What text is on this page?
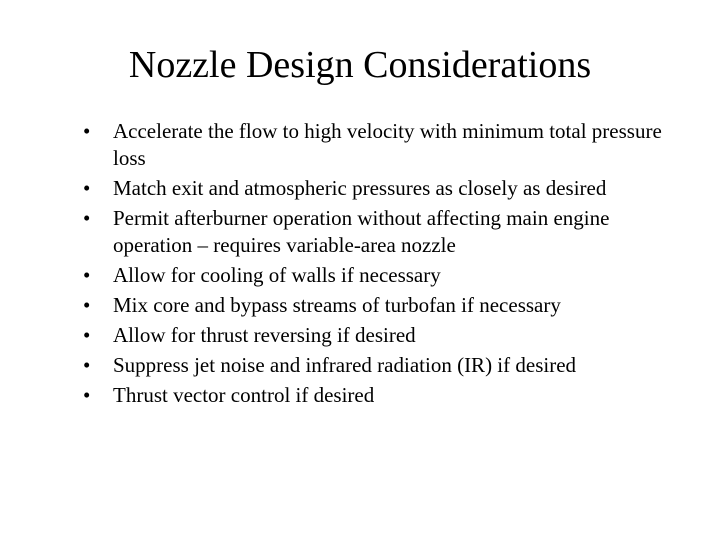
Nozzle Design Considerations
•	Accelerate the flow to high velocity with minimum total pressure loss
•	Match exit and atmospheric pressures as closely as desired
•	Permit afterburner operation without affecting main engine operation – requires variable-area nozzle
•	Allow for cooling of walls if necessary
•	Mix core and bypass streams of turbofan if necessary
•	Allow for thrust reversing if desired
•	Suppress jet noise and infrared radiation (IR) if desired
•	Thrust vector control if desired
